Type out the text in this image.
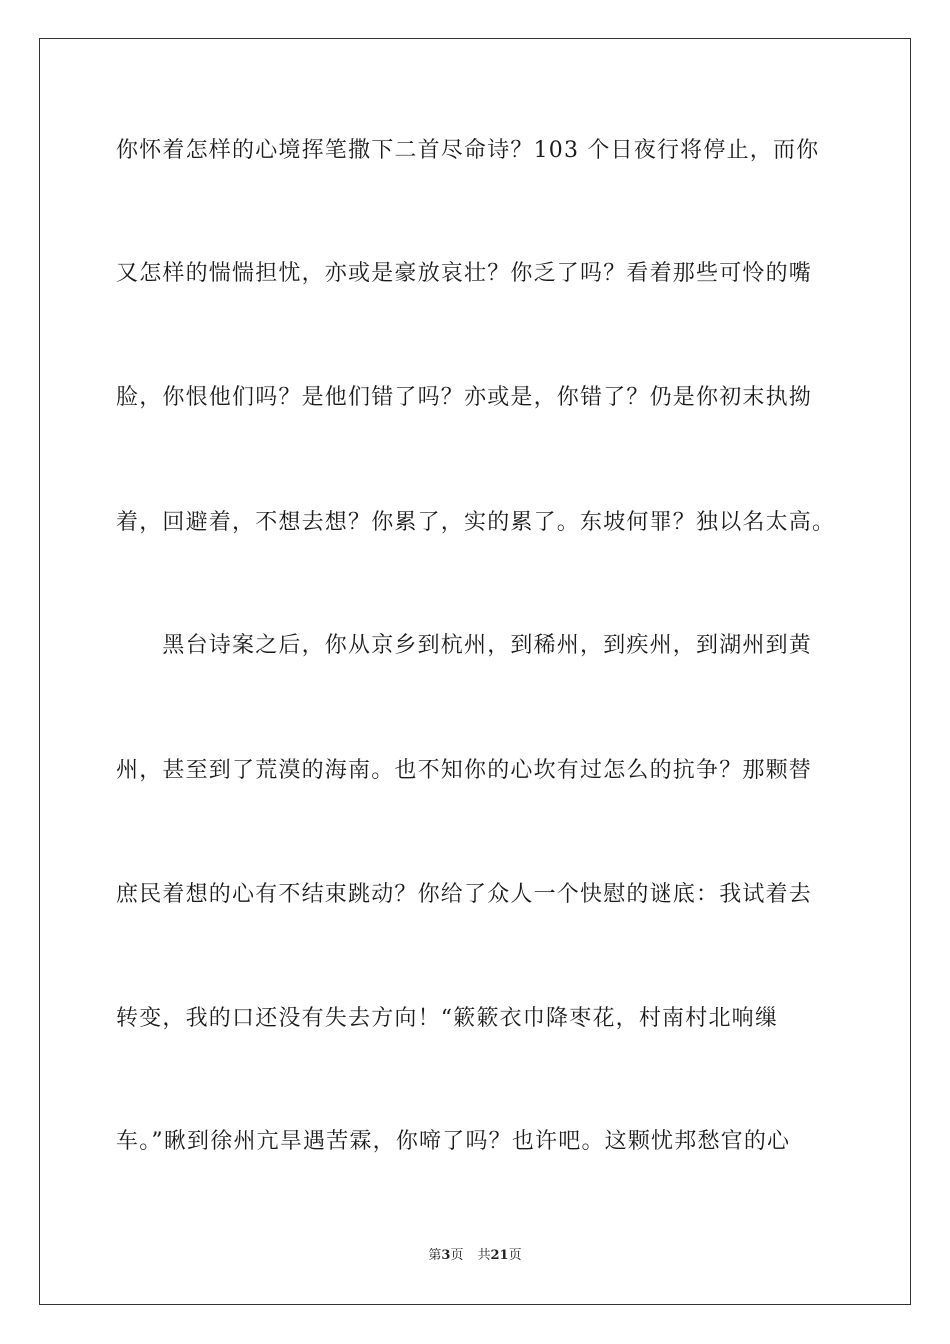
你怀着怎样的心境挥笔撒下二首尽命诗？103 个日夜行将停止，而你
又怎样的惴惴担忧，亦或是豪放哀壮？你乏了吗？看着那些可怜的嘴
脸，你恨他们吗？是他们错了吗？亦或是，你错了？仍是你初末执拗
着，回避着，不想去想？你累了，实的累了。东坡何罪？独以名太高。
　　黑台诗案之后，你从京乡到杭州，到稀州，到疾州，到湖州到黄
州，甚至到了荒漠的海南。也不知你的心坎有过怎么的抗争？那颗替
庶民着想的心有不结束跳动？你给了众人一个快慰的谜底：我试着去
转变，我的口还没有失去方向！“簌簌衣巾降枣花，村南村北响缫
车。”瞅到徐州亢旱遇苦霖，你啼了吗？也许吧。这颗忧邦愁官的心
第3页 共21页
